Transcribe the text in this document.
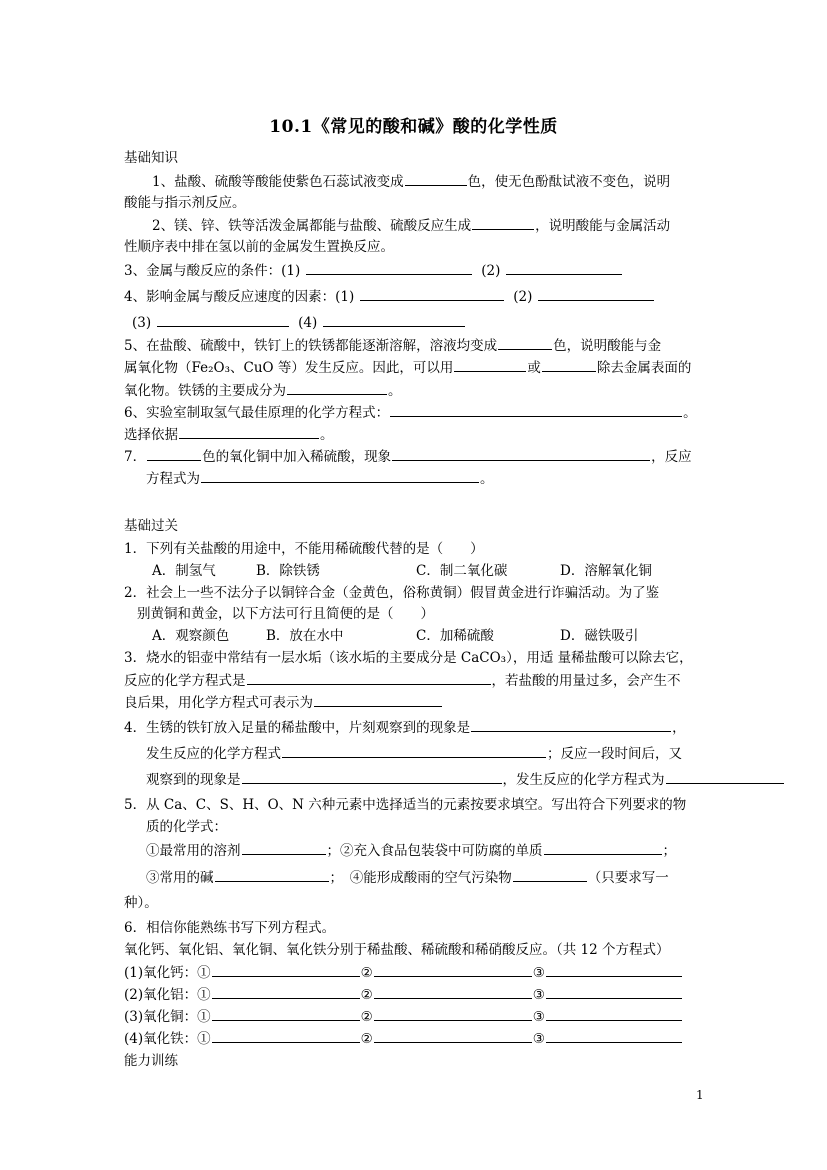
10.1《常见的酸和碱》酸的化学性质
基础知识
1、盐酸、硫酸等酸能使紫色石蕊试液变成	色，使无色酚酞试液不变色，说明
酸能与指示剂反应。
2、镁、锌、铁等活泼金属都能与盐酸、硫酸反应生成	，说明酸能与金属活动
性顺序表中排在氢以前的金属发生置换反应。
3、金属与酸反应的条件：(1)	(2)
4、影响金属与酸反应速度的因素：(1)	(2)
(3)	(4)
5、在盐酸、硫酸中，铁钉上的铁锈都能逐渐溶解，溶液均变成	色，说明酸能与金
属氧化物（Fe₂O₃、CuO 等）发生反应。因此，可以用	或	除去金属表面的
氧化物。铁锈的主要成分为	。
6、实验室制取氢气最佳原理的化学方程式：	。
选择依据	。
7．	色的氧化铜中加入稀硫酸，现象	，反应
方程式为	。
基础过关
1．下列有关盐酸的用途中，不能用稀硫酸代替的是（　　）
A．制氢气	B．除铁锈	C．制二氧化碳	D．溶解氧化铜
2．社会上一些不法分子以铜锌合金（金黄色，俗称黄铜）假冒黄金进行诈骗活动。为了鉴
别黄铜和黄金，以下方法可行且简便的是（　　）
A．观察颜色	B．放在水中	C．加稀硫酸	D．磁铁吸引
3．烧水的铝壶中常结有一层水垢（该水垢的主要成分是 CaCO₃），用适 量稀盐酸可以除去它，
反应的化学方程式是	，若盐酸的用量过多，会产生不
良后果，用化学方程式可表示为
4．生锈的铁钉放入足量的稀盐酸中，片刻观察到的现象是	，
发生反应的化学方程式	；反应一段时间后，又
观察到的现象是	，发生反应的化学方程式为
5．从 Ca、C、S、H、O、N 六种元素中选择适当的元素按要求填空。写出符合下列要求的物
质的化学式：
①最常用的溶剂	；②充入食品包装袋中可防腐的单质	；
③常用的碱	；　④能形成酸雨的空气污染物	（只要求写一
种）。
6．相信你能熟练书写下列方程式。
氧化钙、氧化铝、氧化铜、氧化铁分别于稀盐酸、稀硫酸和稀硝酸反应。（共 12 个方程式）
(1)氧化钙：①	②	③
(2)氧化铝：①	②	③
(3)氧化铜：①	②	③
(4)氧化铁：①	②	③
能力训练
1
